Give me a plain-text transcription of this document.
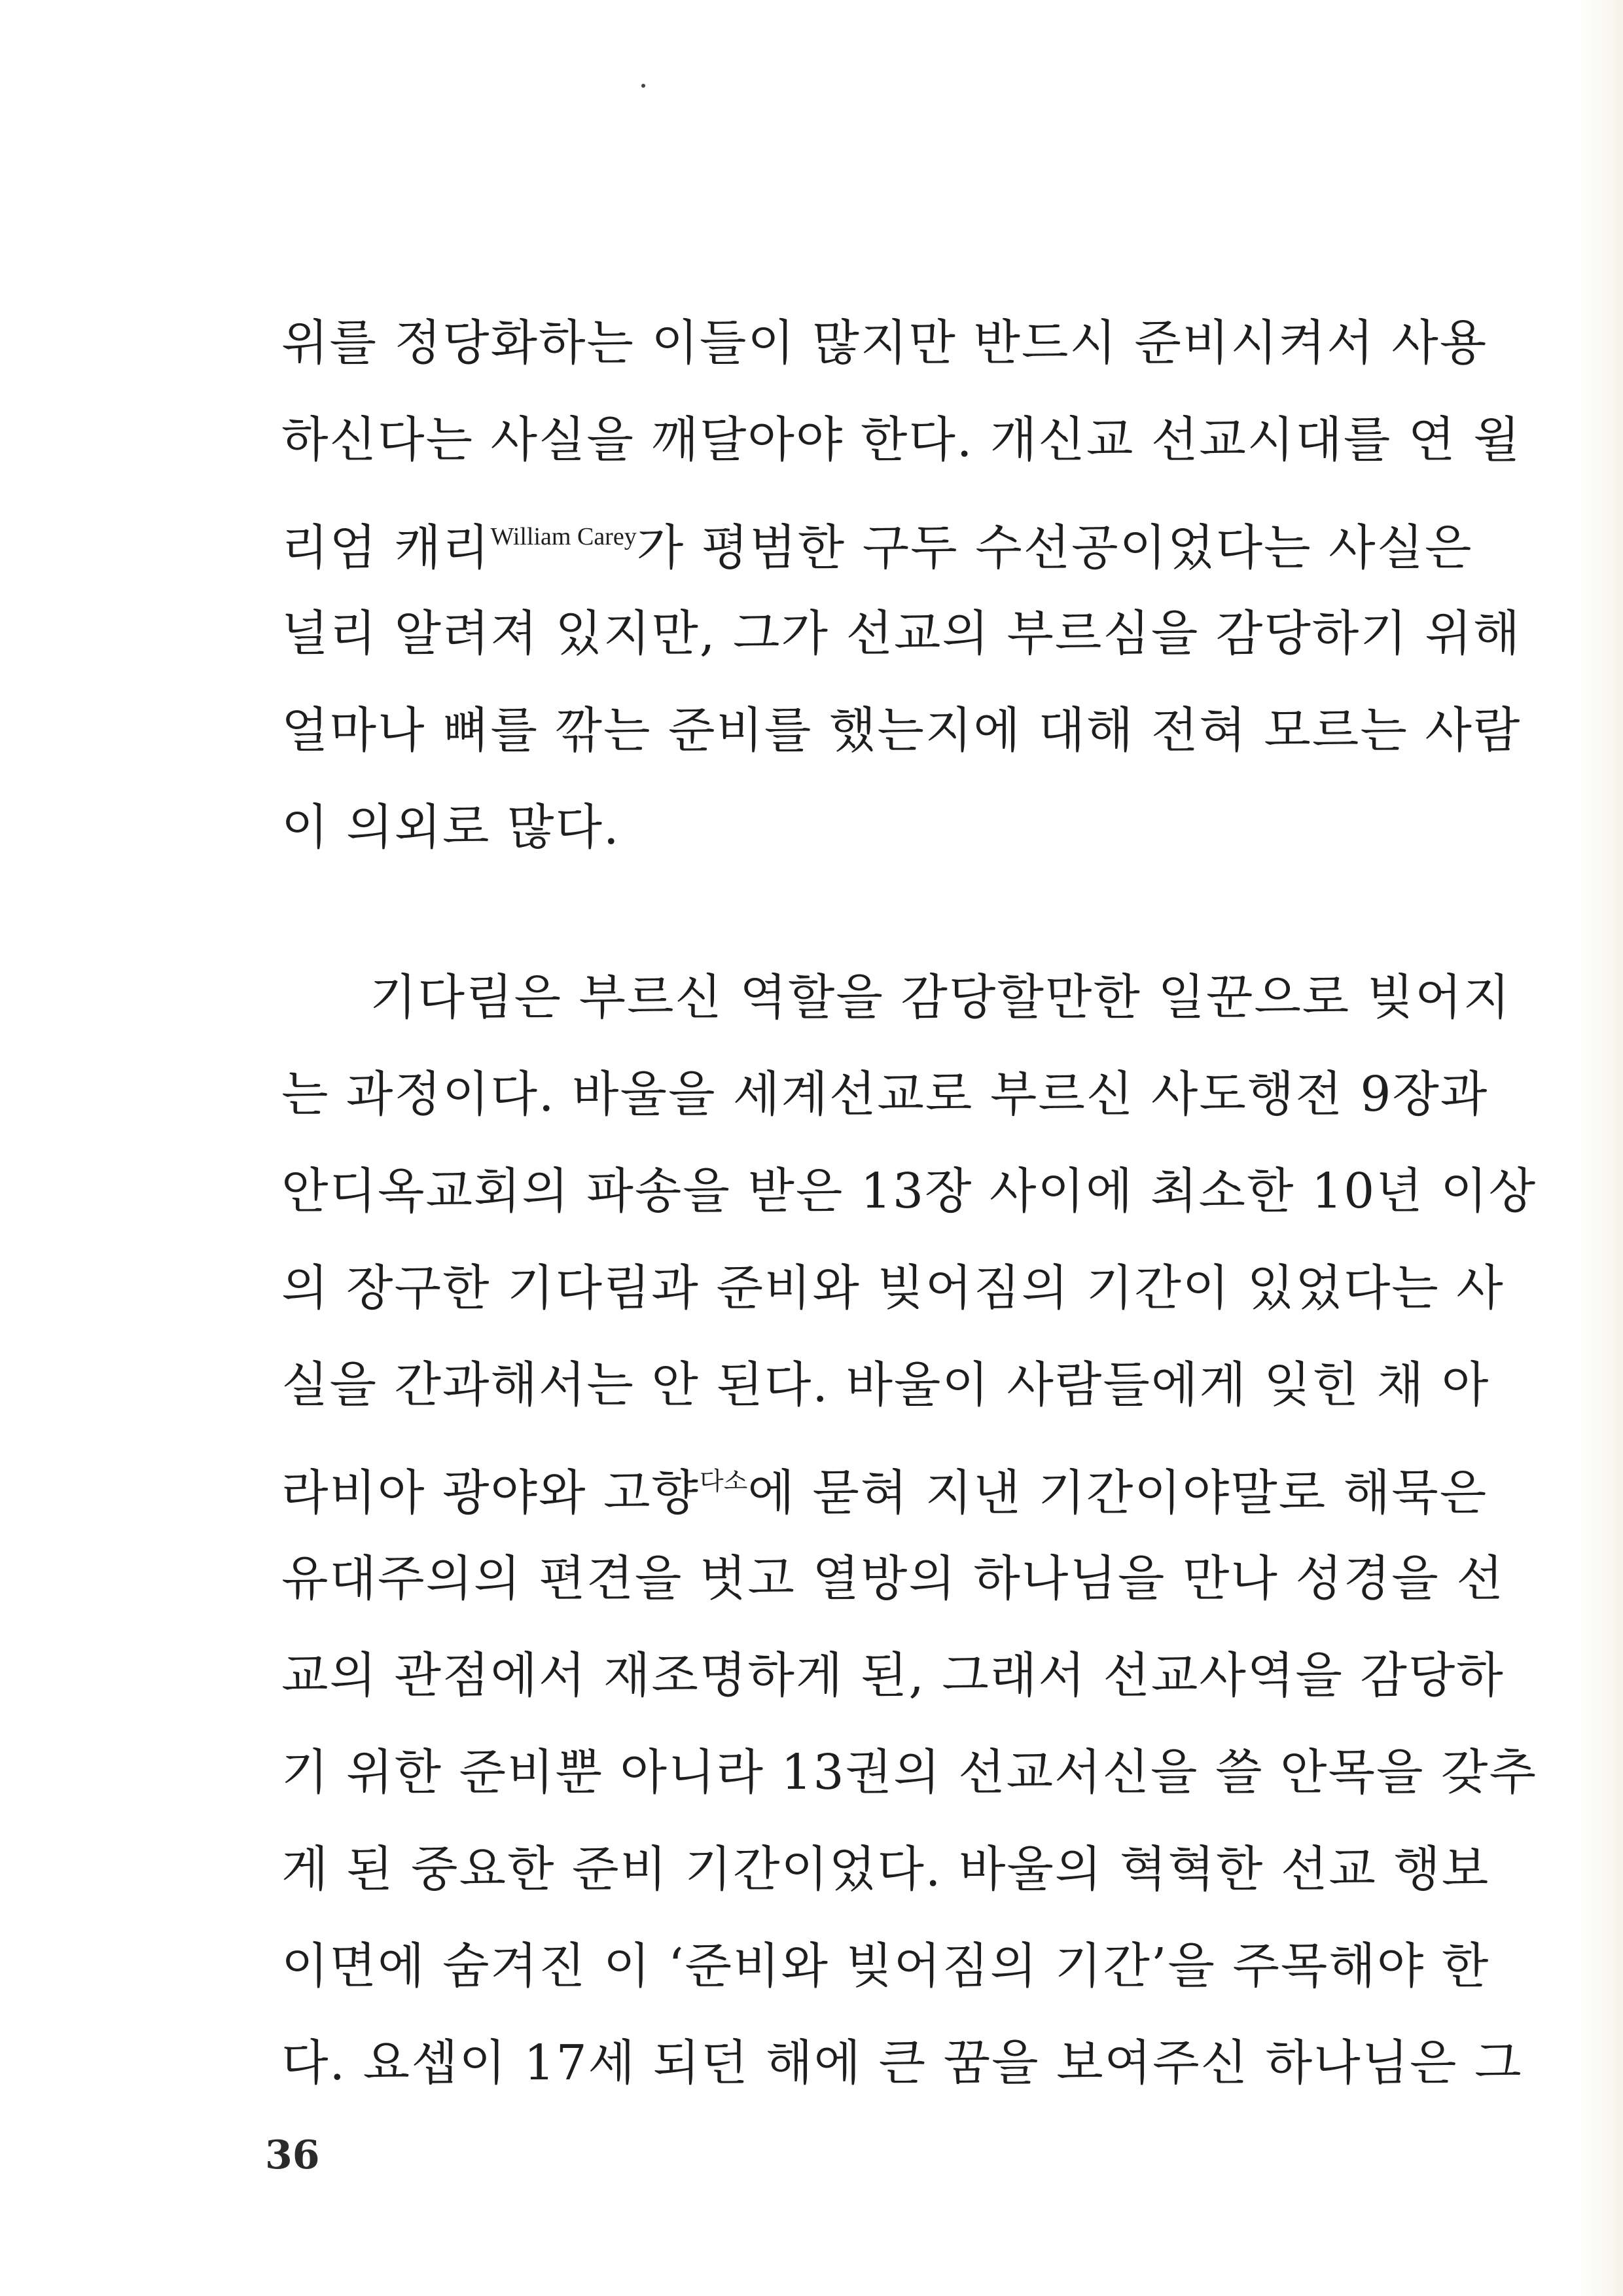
위를 정당화하는 이들이 많지만 반드시 준비시켜서 사용
하신다는 사실을 깨달아야 한다. 개신교 선교시대를 연 윌
리엄 캐리$^{William Carey}$가 평범한 구두 수선공이었다는 사실은
널리 알려져 있지만, 그가 선교의 부르심을 감당하기 위해
얼마나 뼈를 깎는 준비를 했는지에 대해 전혀 모르는 사람
이 의외로 많다.
기다림은 부르신 역할을 감당할만한 일꾼으로 빚어지
는 과정이다. 바울을 세계선교로 부르신 사도행전 9장과
안디옥교회의 파송을 받은 13장 사이에 최소한 10년 이상
의 장구한 기다림과 준비와 빚어짐의 기간이 있었다는 사
실을 간과해서는 안 된다. 바울이 사람들에게 잊힌 채 아
라비아 광야와 고향$^{다소}$에 묻혀 지낸 기간이야말로 해묵은
유대주의의 편견을 벗고 열방의 하나님을 만나 성경을 선
교의 관점에서 재조명하게 된, 그래서 선교사역을 감당하
기 위한 준비뿐 아니라 13권의 선교서신을 쓸 안목을 갖추
게 된 중요한 준비 기간이었다. 바울의 혁혁한 선교 행보
이면에 숨겨진 이 ‘준비와 빚어짐의 기간’을 주목해야 한
다. 요셉이 17세 되던 해에 큰 꿈을 보여주신 하나님은 그
36
